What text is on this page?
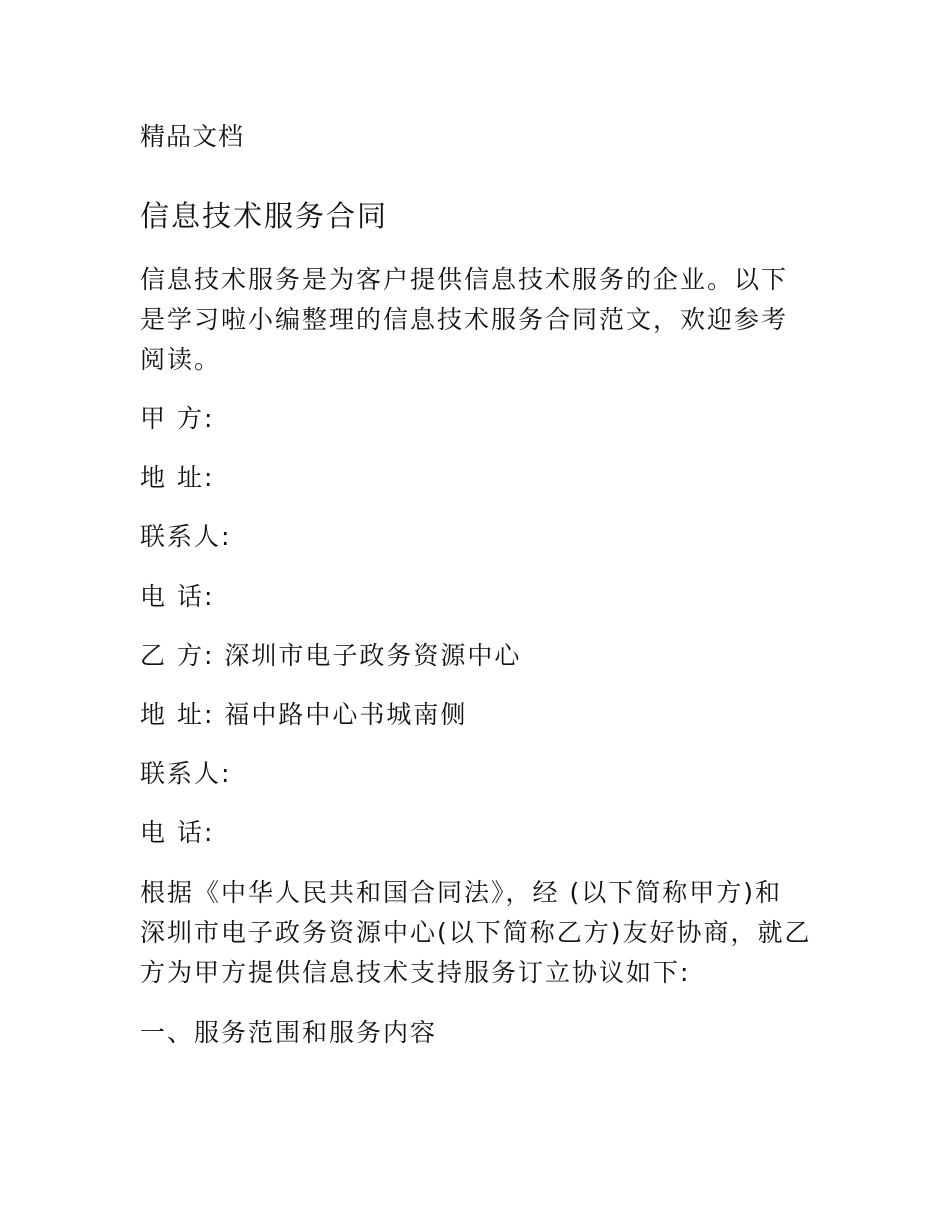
精品文档
信息技术服务合同
信息技术服务是为客户提供信息技术服务的企业。以下
是学习啦小编整理的信息技术服务合同范文，欢迎参考
阅读。
甲 方:
地 址:
联系人:
电 话:
乙 方: 深圳市电子政务资源中心
地 址: 福中路中心书城南侧
联系人:
电 话:
根据《中华人民共和国合同法》，经 (以下简称甲方)和
深圳市电子政务资源中心(以下简称乙方)友好协商，就乙
方为甲方提供信息技术支持服务订立协议如下:
一、服务范围和服务内容
